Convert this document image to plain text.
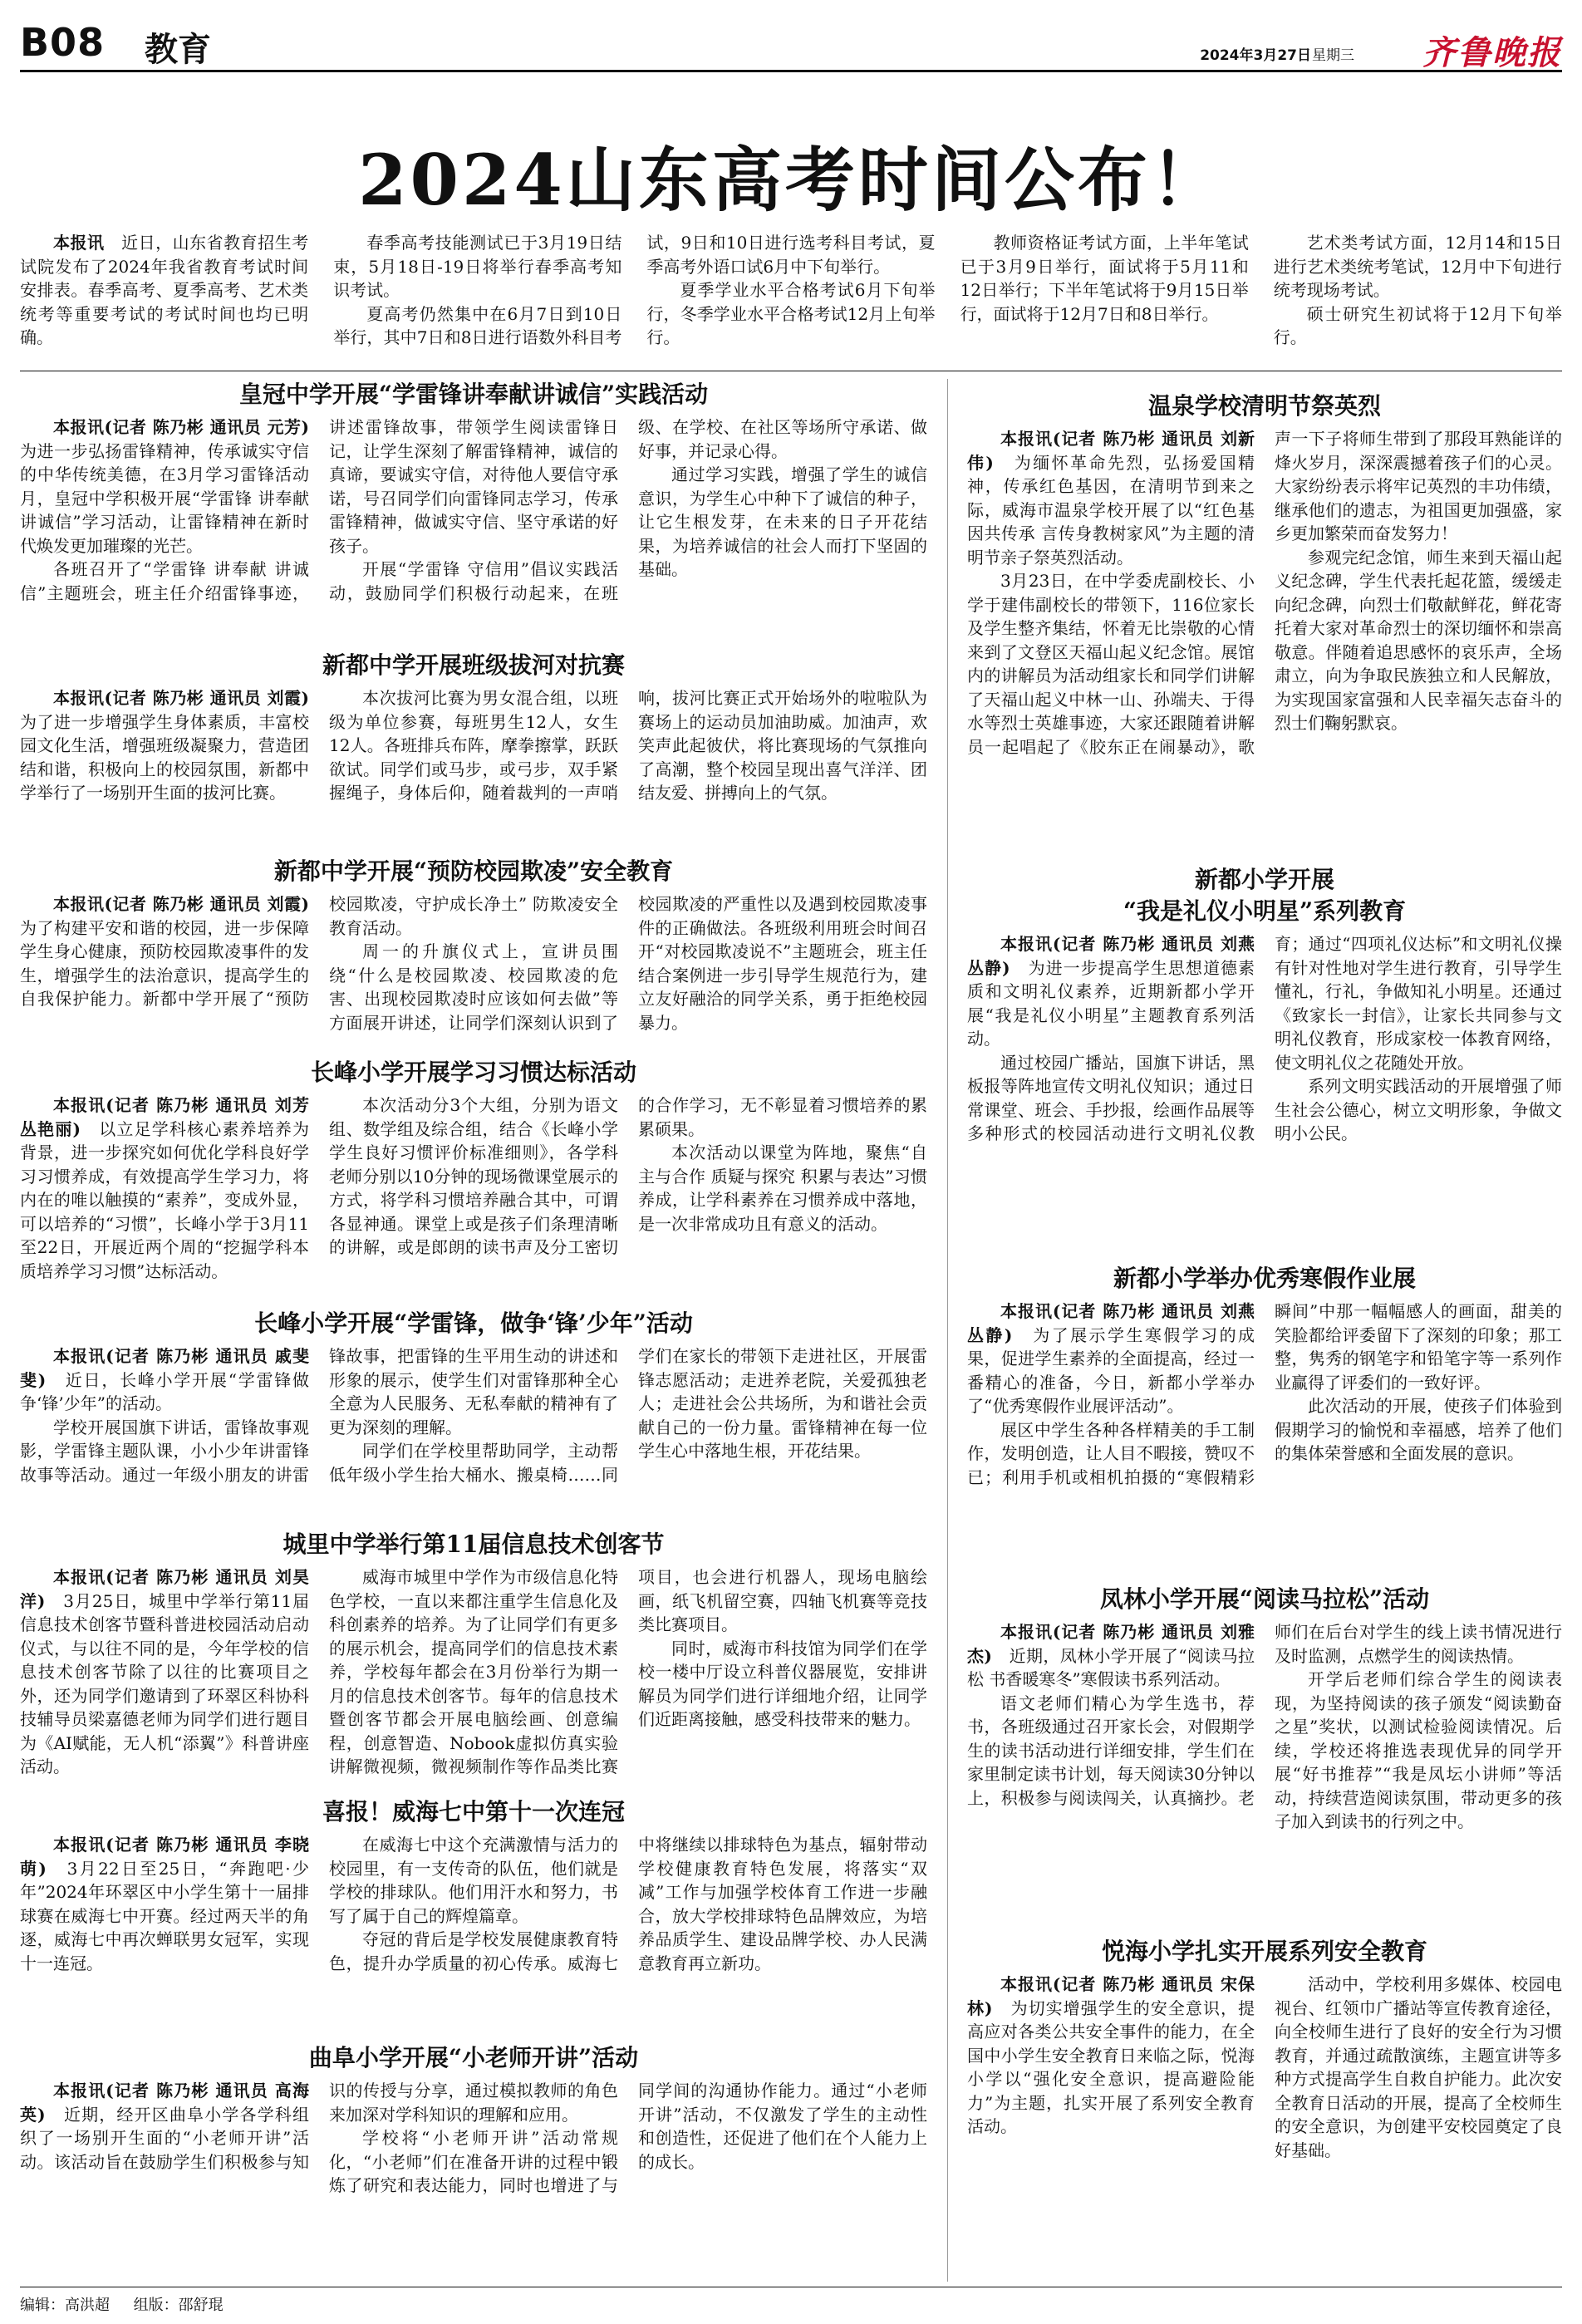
B08 教育	2024年3月27日 星期三 齐鲁晚报
2024山东高考时间公布！

本报讯　 近日，山东省教育招生考试院发布了2024年我省教育考试时间安排表。春季高考、夏季高考、艺术类统考等重要考试的考试时间也均已明确。

春季高考技能测试已于3月19日结束，5月18日-19日将举行春季高考知识考试。

夏高考仍然集中在6月7日到10日举行，其中7日和8日进行语数外科目考试，9日和10日进行选考科目考试，夏季高考外语口试6月中下旬举行。

夏季学业水平合格考试6月下旬举行，冬季学业水平合格考试12月上旬举行。

教师资格证考试方面，上半年笔试已于3月9日举行，面试将于5月11和12日举行；下半年笔试将于9月15日举行，面试将于12月7日和8日举行。

艺术类考试方面，12月14和15日进行艺术类统考笔试，12月中下旬进行统考现场考试。

硕士研究生初试将于12月下旬举行。

皇冠中学开展“学雷锋讲奉献讲诚信”实践活动

本报讯(记者 陈乃彬 通讯员 元芳)　为进一步弘扬雷锋精神，传承诚实守信的中华传统美德，在3月学习雷锋活动月，皇冠中学积极开展“学雷锋 讲奉献 讲诚信”学习活动，让雷锋精神在新时代焕发更加璀璨的光芒。

各班召开了“学雷锋 讲奉献 讲诚信”主题班会，班主任介绍雷锋事迹，讲述雷锋故事，带领学生阅读雷锋日记，让学生深刻了解雷锋精神，诚信的真谛，要诚实守信，对待他人要信守承诺，号召同学们向雷锋同志学习，传承雷锋精神，做诚实守信、坚守承诺的好孩子。

开展“学雷锋 守信用”倡议实践活动，鼓励同学们积极行动起来，在班级、在学校、在社区等场所守承诺、做好事，并记录心得。

通过学习实践，增强了学生的诚信意识，为学生心中种下了诚信的种子，让它生根发芽，在未来的日子开花结果，为培养诚信的社会人而打下坚固的基础。

新都中学开展班级拔河对抗赛

本报讯(记者 陈乃彬 通讯员 刘霞)　为了进一步增强学生身体素质，丰富校园文化生活，增强班级凝聚力，营造团结和谐，积极向上的校园氛围，新都中学举行了一场别开生面的拔河比赛。

本次拔河比赛为男女混合组，以班级为单位参赛，每班男生12人，女生12人。各班排兵布阵，摩拳擦掌，跃跃欲试。同学们或马步，或弓步，双手紧握绳子，身体后仰，随着裁判的一声哨响，拔河比赛正式开始场外的啦啦队为赛场上的运动员加油助威。加油声，欢笑声此起彼伏，将比赛现场的气氛推向了高潮，整个校园呈现出喜气洋洋、团结友爱、拼搏向上的气氛。

新都中学开展“预防校园欺凌”安全教育

本报讯(记者 陈乃彬 通讯员 刘霞)　为了构建平安和谐的校园，进一步保障学生身心健康，预防校园欺凌事件的发生，增强学生的法治意识，提高学生的自我保护能力。新都中学开展了“预防校园欺凌，守护成长净土” 防欺凌安全教育活动。

周一的升旗仪式上，宣讲员围绕“什么是校园欺凌、校园欺凌的危害、出现校园欺凌时应该如何去做”等方面展开讲述，让同学们深刻认识到了校园欺凌的严重性以及遇到校园欺凌事件的正确做法。各班级利用班会时间召开“对校园欺凌说不”主题班会，班主任结合案例进一步引导学生规范行为，建立友好融洽的同学关系，勇于拒绝校园暴力。

长峰小学开展学习习惯达标活动

本报讯(记者 陈乃彬 通讯员 刘芳 丛艳丽)　 以立足学科核心素养培养为背景，进一步探究如何优化学科良好学习习惯养成，有效提高学生学习力，将内在的唯以触摸的“素养”，变成外显，可以培养的“习惯”，长峰小学于3月11至22日，开展近两个周的“挖掘学科本质培养学习习惯”达标活动。

本次活动分3个大组，分别为语文组、数学组及综合组，结合《长峰小学学生良好习惯评价标准细则》，各学科老师分别以10分钟的现场微课堂展示的方式，将学科习惯培养融合其中，可谓各显神通。课堂上或是孩子们条理清晰的讲解，或是郎朗的读书声及分工密切的合作学习，无不彰显着习惯培养的累累硕果。

本次活动以课堂为阵地，聚焦“自主与合作 质疑与探究 积累与表达”习惯养成，让学科素养在习惯养成中落地，是一次非常成功且有意义的活动。

长峰小学开展“学雷锋，做争‘锋’少年”活动

本报讯(记者 陈乃彬 通讯员 戚斐斐)　 近日，长峰小学开展“学雷锋做争‘锋’少年”的活动。

学校开展国旗下讲话，雷锋故事观影，学雷锋主题队课，小小少年讲雷锋故事等活动。通过一年级小朋友的讲雷锋故事，把雷锋的生平用生动的讲述和形象的展示，使学生们对雷锋那种全心全意为人民服务、无私奉献的精神有了更为深刻的理解。

同学们在学校里帮助同学，主动帮低年级小学生抬大桶水、搬桌椅……同学们在家长的带领下走进社区，开展雷锋志愿活动；走进养老院，关爱孤独老人；走进社会公共场所，为和谐社会贡献自己的一份力量。雷锋精神在每一位学生心中落地生根，开花结果。

城里中学举行第11届信息技术创客节

本报讯(记者 陈乃彬 通讯员 刘昊洋)　 3月25日，城里中学举行第11届信息技术创客节暨科普进校园活动启动仪式，与以往不同的是，今年学校的信息技术创客节除了以往的比赛项目之外，还为同学们邀请到了环翠区科协科技辅导员梁嘉德老师为同学们进行题目为《AI赋能，无人机“添翼”》科普讲座活动。

威海市城里中学作为市级信息化特色学校，一直以来都注重学生信息化及科创素养的培养。为了让同学们有更多的展示机会，提高同学们的信息技术素养，学校每年都会在3月份举行为期一月的信息技术创客节。每年的信息技术暨创客节都会开展电脑绘画、创意编程，创意智造、Nobook虚拟仿真实验讲解微视频，微视频制作等作品类比赛项目，也会进行机器人，现场电脑绘画，纸飞机留空赛，四轴飞机赛等竞技类比赛项目。

同时，威海市科技馆为同学们在学校一楼中厅设立科普仪器展览，安排讲解员为同学们进行详细地介绍，让同学们近距离接触，感受科技带来的魅力。

喜报！威海七中第十一次连冠

本报讯(记者 陈乃彬 通讯员 李晓萌)　 3月22日至25日，“奔跑吧·少年”2024年环翠区中小学生第十一届排球赛在威海七中开赛。经过两天半的角逐，威海七中再次蝉联男女冠军，实现十一连冠。

在威海七中这个充满激情与活力的校园里，有一支传奇的队伍，他们就是学校的排球队。他们用汗水和努力，书写了属于自己的辉煌篇章。

夺冠的背后是学校发展健康教育特色，提升办学质量的初心传承。威海七中将继续以排球特色为基点，辐射带动学校健康教育特色发展，将落实“双减”工作与加强学校体育工作进一步融合，放大学校排球特色品牌效应，为培养品质学生、建设品牌学校、办人民满意教育再立新功。

曲阜小学开展“小老师开讲”活动

本报讯(记者 陈乃彬 通讯员 高海英)　 近期，经开区曲阜小学各学科组织了一场别开生面的“小老师开讲”活动。该活动旨在鼓励学生们积极参与知识的传授与分享，通过模拟教师的角色来加深对学科知识的理解和应用。

学校将“小老师开讲”活动常规化，“小老师”们在准备开讲的过程中锻炼了研究和表达能力，同时也增进了与同学间的沟通协作能力。通过“小老师开讲”活动，不仅激发了学生的主动性和创造性，还促进了他们在个人能力上的成长。

温泉学校清明节祭英烈

本报讯(记者 陈乃彬 通讯员 刘新伟)　 为缅怀革命先烈，弘扬爱国精神，传承红色基因，在清明节到来之际，威海市温泉学校开展了以“红色基因共传承 言传身教树家风”为主题的清明节亲子祭英烈活动。

3月23日，在中学委虎副校长、小学于建伟副校长的带领下，116位家长及学生整齐集结，怀着无比崇敬的心情来到了文登区天福山起义纪念馆。展馆内的讲解员为活动组家长和同学们讲解了天福山起义中林一山、孙端夫、于得水等烈士英雄事迹，大家还跟随着讲解员一起唱起了《胶东正在闹暴动》，歌声一下子将师生带到了那段耳熟能详的烽火岁月，深深震撼着孩子们的心灵。大家纷纷表示将牢记英烈的丰功伟绩，继承他们的遗志，为祖国更加强盛，家乡更加繁荣而奋发努力！

参观完纪念馆，师生来到天福山起义纪念碑，学生代表托起花篮，缓缓走向纪念碑，向烈士们敬献鲜花，鲜花寄托着大家对革命烈士的深切缅怀和崇高敬意。伴随着追思感怀的哀乐声，全场肃立，向为争取民族独立和人民解放，为实现国家富强和人民幸福矢志奋斗的烈士们鞠躬默哀。

新都小学开展
“我是礼仪小明星”系列教育

本报讯(记者 陈乃彬 通讯员 刘燕 丛静)　 为进一步提高学生思想道德素质和文明礼仪素养，近期新都小学开展“我是礼仪小明星”主题教育系列活动。

通过校园广播站，国旗下讲话，黑板报等阵地宣传文明礼仪知识；通过日常课堂、班会、手抄报，绘画作品展等多种形式的校园活动进行文明礼仪教育；通过“四项礼仪达标”和文明礼仪操有针对性地对学生进行教育，引导学生懂礼，行礼，争做知礼小明星。还通过《致家长一封信》，让家长共同参与文明礼仪教育，形成家校一体教育网络，使文明礼仪之花随处开放。

系列文明实践活动的开展增强了师生社会公德心，树立文明形象，争做文明小公民。

新都小学举办优秀寒假作业展

本报讯(记者 陈乃彬 通讯员 刘燕 丛静)　 为了展示学生寒假学习的成果，促进学生素养的全面提高，经过一番精心的准备，今日，新都小学举办了“优秀寒假作业展评活动”。

展区中学生各种各样精美的手工制作，发明创造，让人目不暇接，赞叹不已；利用手机或相机拍摄的“寒假精彩瞬间”中那一幅幅感人的画面，甜美的笑脸都给评委留下了深刻的印象；那工整，隽秀的钢笔字和铅笔字等一系列作业赢得了评委们的一致好评。

此次活动的开展，使孩子们体验到假期学习的愉悦和幸福感，培养了他们的集体荣誉感和全面发展的意识。

凤林小学开展“阅读马拉松”活动

本报讯(记者 陈乃彬 通讯员 刘雅杰)　 近期，凤林小学开展了“阅读马拉松 书香暖寒冬”寒假读书系列活动。

语文老师们精心为学生选书，荐书，各班级通过召开家长会，对假期学生的读书活动进行详细安排，学生们在家里制定读书计划，每天阅读30分钟以上，积极参与阅读闯关，认真摘抄。老师们在后台对学生的线上读书情况进行及时监测，点燃学生的阅读热情。

开学后老师们综合学生的阅读表现，为坚持阅读的孩子颁发“阅读勤奋之星”奖状，以测试检验阅读情况。后续，学校还将推选表现优异的同学开展“好书推荐”“我是凤坛小讲师”等活动，持续营造阅读氛围，带动更多的孩子加入到读书的行列之中。

悦海小学扎实开展系列安全教育

本报讯(记者 陈乃彬 通讯员 宋保林)　 为切实增强学生的安全意识，提高应对各类公共安全事件的能力，在全国中小学生安全教育日来临之际，悦海小学以“强化安全意识，提高避险能力”为主题，扎实开展了系列安全教育活动。

活动中，学校利用多媒体、校园电视台、红领巾广播站等宣传教育途径，向全校师生进行了良好的安全行为习惯教育，并通过疏散演练，主题宣讲等多种方式提高学生自救自护能力。此次安全教育日活动的开展，提高了全校师生的安全意识，为创建平安校园奠定了良好基础。

编辑：高洪超 组版：邵舒琨
